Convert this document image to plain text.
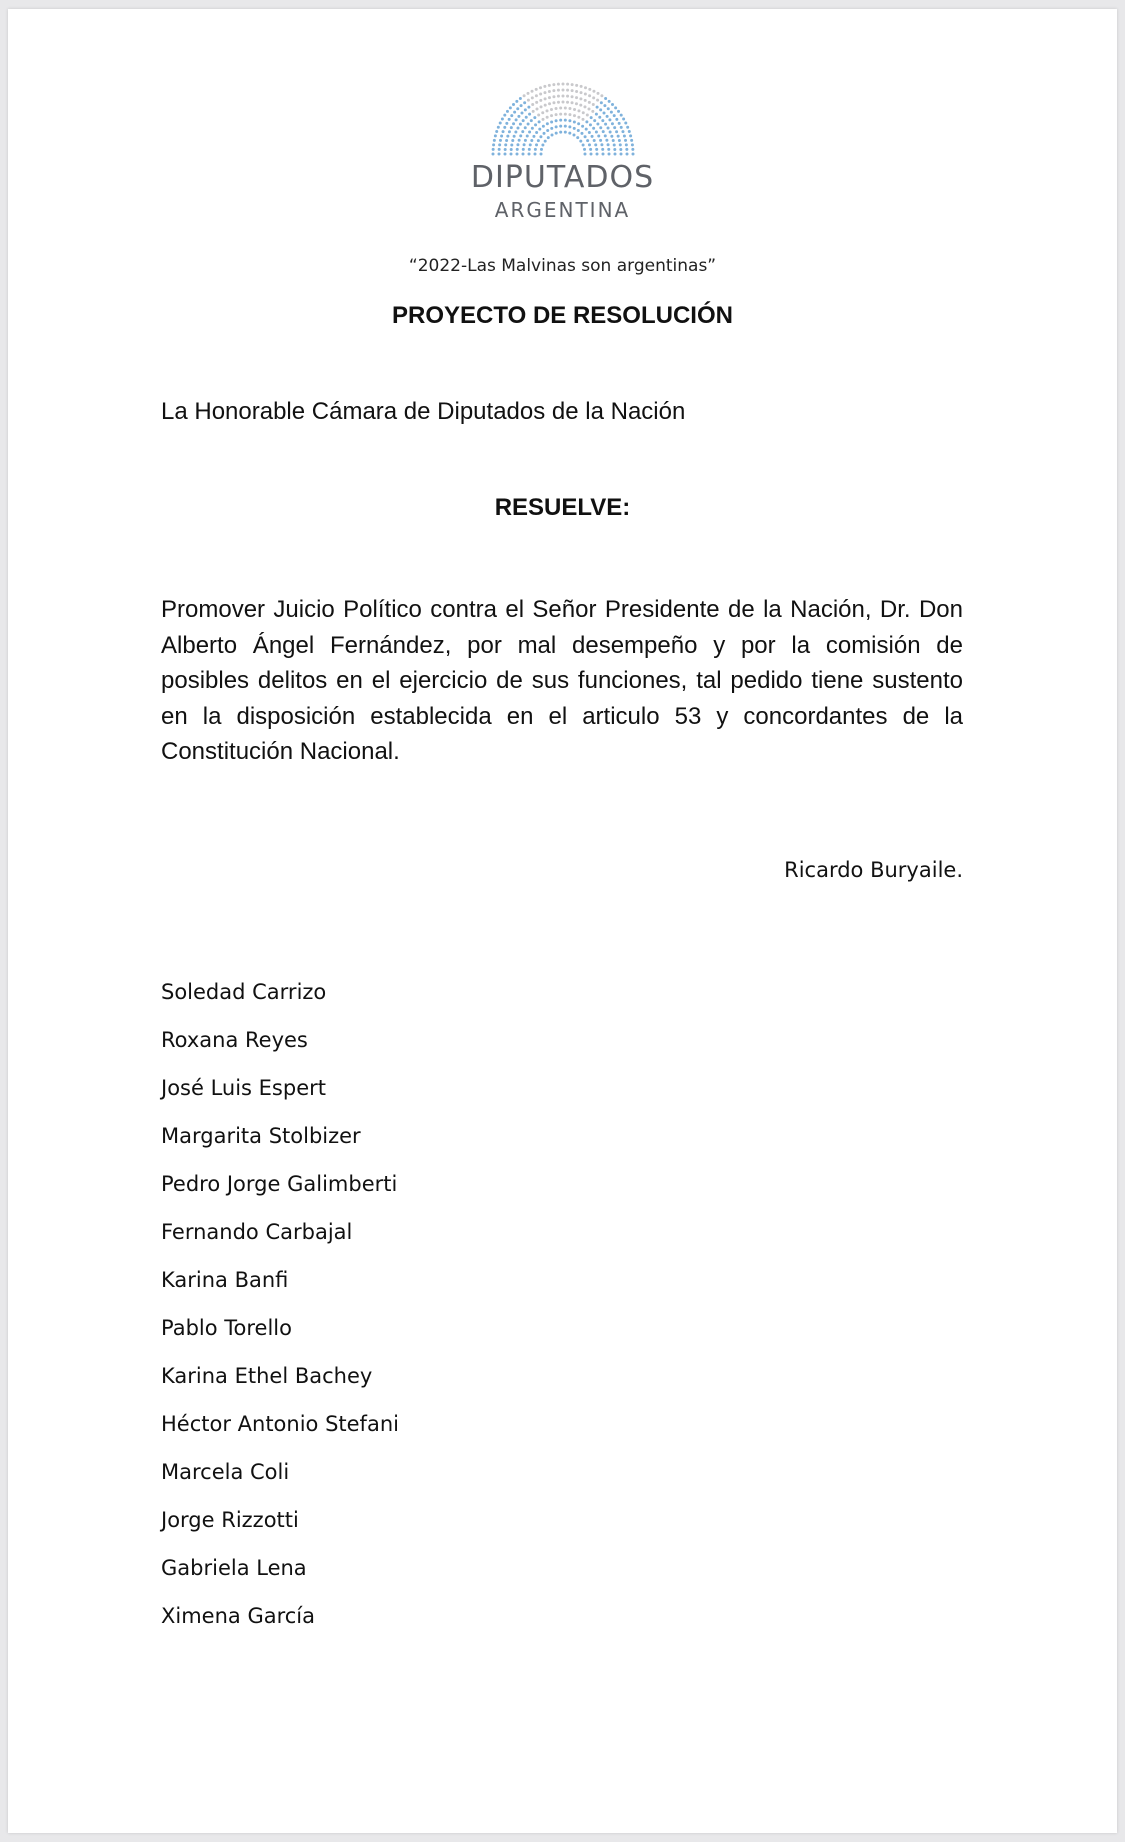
DIPUTADOS
ARGENTINA
“2022-Las Malvinas son argentinas”
PROYECTO DE RESOLUCIÓN
La Honorable Cámara de Diputados de la Nación
RESUELVE:
Promover Juicio Político contra el Señor Presidente de la Nación, Dr. Don Alberto Ángel Fernández, por mal desempeño y por la comisión de posibles delitos en el ejercicio de sus funciones, tal pedido tiene sustento en la disposición establecida en el articulo 53 y concordantes de la Constitución Nacional.
Ricardo Buryaile.
Soledad Carrizo
Roxana Reyes
José Luis Espert
Margarita Stolbizer
Pedro Jorge Galimberti
Fernando Carbajal
Karina Banfi
Pablo Torello
Karina Ethel Bachey
Héctor Antonio Stefani
Marcela Coli
Jorge Rizzotti
Gabriela Lena
Ximena García
